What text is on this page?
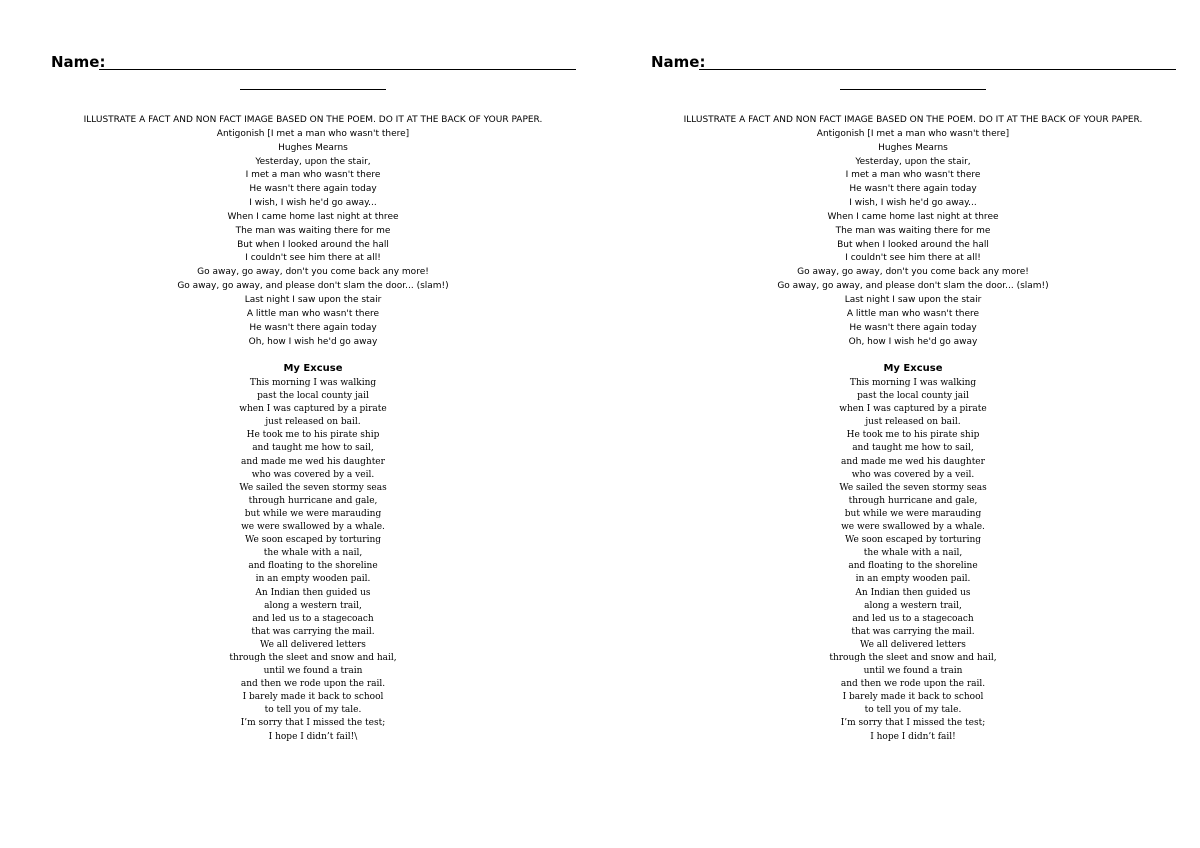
Name:
ILLUSTRATE A FACT AND NON FACT IMAGE BASED ON THE POEM. DO IT AT THE BACK OF YOUR PAPER.
Antigonish [I met a man who wasn't there]
Hughes Mearns
Yesterday, upon the stair,
I met a man who wasn't there
He wasn't there again today
I wish, I wish he'd go away...
When I came home last night at three
The man was waiting there for me
But when I looked around the hall
I couldn't see him there at all!
Go away, go away, don't you come back any more!
Go away, go away, and please don't slam the door... (slam!)
Last night I saw upon the stair
A little man who wasn't there
He wasn't there again today
Oh, how I wish he'd go away
My Excuse
This morning I was walking
past the local county jail
when I was captured by a pirate
just released on bail.
He took me to his pirate ship
and taught me how to sail,
and made me wed his daughter
who was covered by a veil.
We sailed the seven stormy seas
through hurricane and gale,
but while we were marauding
we were swallowed by a whale.
We soon escaped by torturing
the whale with a nail,
and floating to the shoreline
in an empty wooden pail.
An Indian then guided us
along a western trail,
and led us to a stagecoach
that was carrying the mail.
We all delivered letters
through the sleet and snow and hail,
until we found a train
and then we rode upon the rail.
I barely made it back to school
to tell you of my tale.
I’m sorry that I missed the test;
I hope I didn’t fail!\
Name:
ILLUSTRATE A FACT AND NON FACT IMAGE BASED ON THE POEM. DO IT AT THE BACK OF YOUR PAPER.
Antigonish [I met a man who wasn't there]
Hughes Mearns
Yesterday, upon the stair,
I met a man who wasn't there
He wasn't there again today
I wish, I wish he'd go away...
When I came home last night at three
The man was waiting there for me
But when I looked around the hall
I couldn't see him there at all!
Go away, go away, don't you come back any more!
Go away, go away, and please don't slam the door... (slam!)
Last night I saw upon the stair
A little man who wasn't there
He wasn't there again today
Oh, how I wish he'd go away
My Excuse
This morning I was walking
past the local county jail
when I was captured by a pirate
just released on bail.
He took me to his pirate ship
and taught me how to sail,
and made me wed his daughter
who was covered by a veil.
We sailed the seven stormy seas
through hurricane and gale,
but while we were marauding
we were swallowed by a whale.
We soon escaped by torturing
the whale with a nail,
and floating to the shoreline
in an empty wooden pail.
An Indian then guided us
along a western trail,
and led us to a stagecoach
that was carrying the mail.
We all delivered letters
through the sleet and snow and hail,
until we found a train
and then we rode upon the rail.
I barely made it back to school
to tell you of my tale.
I’m sorry that I missed the test;
I hope I didn’t fail!
